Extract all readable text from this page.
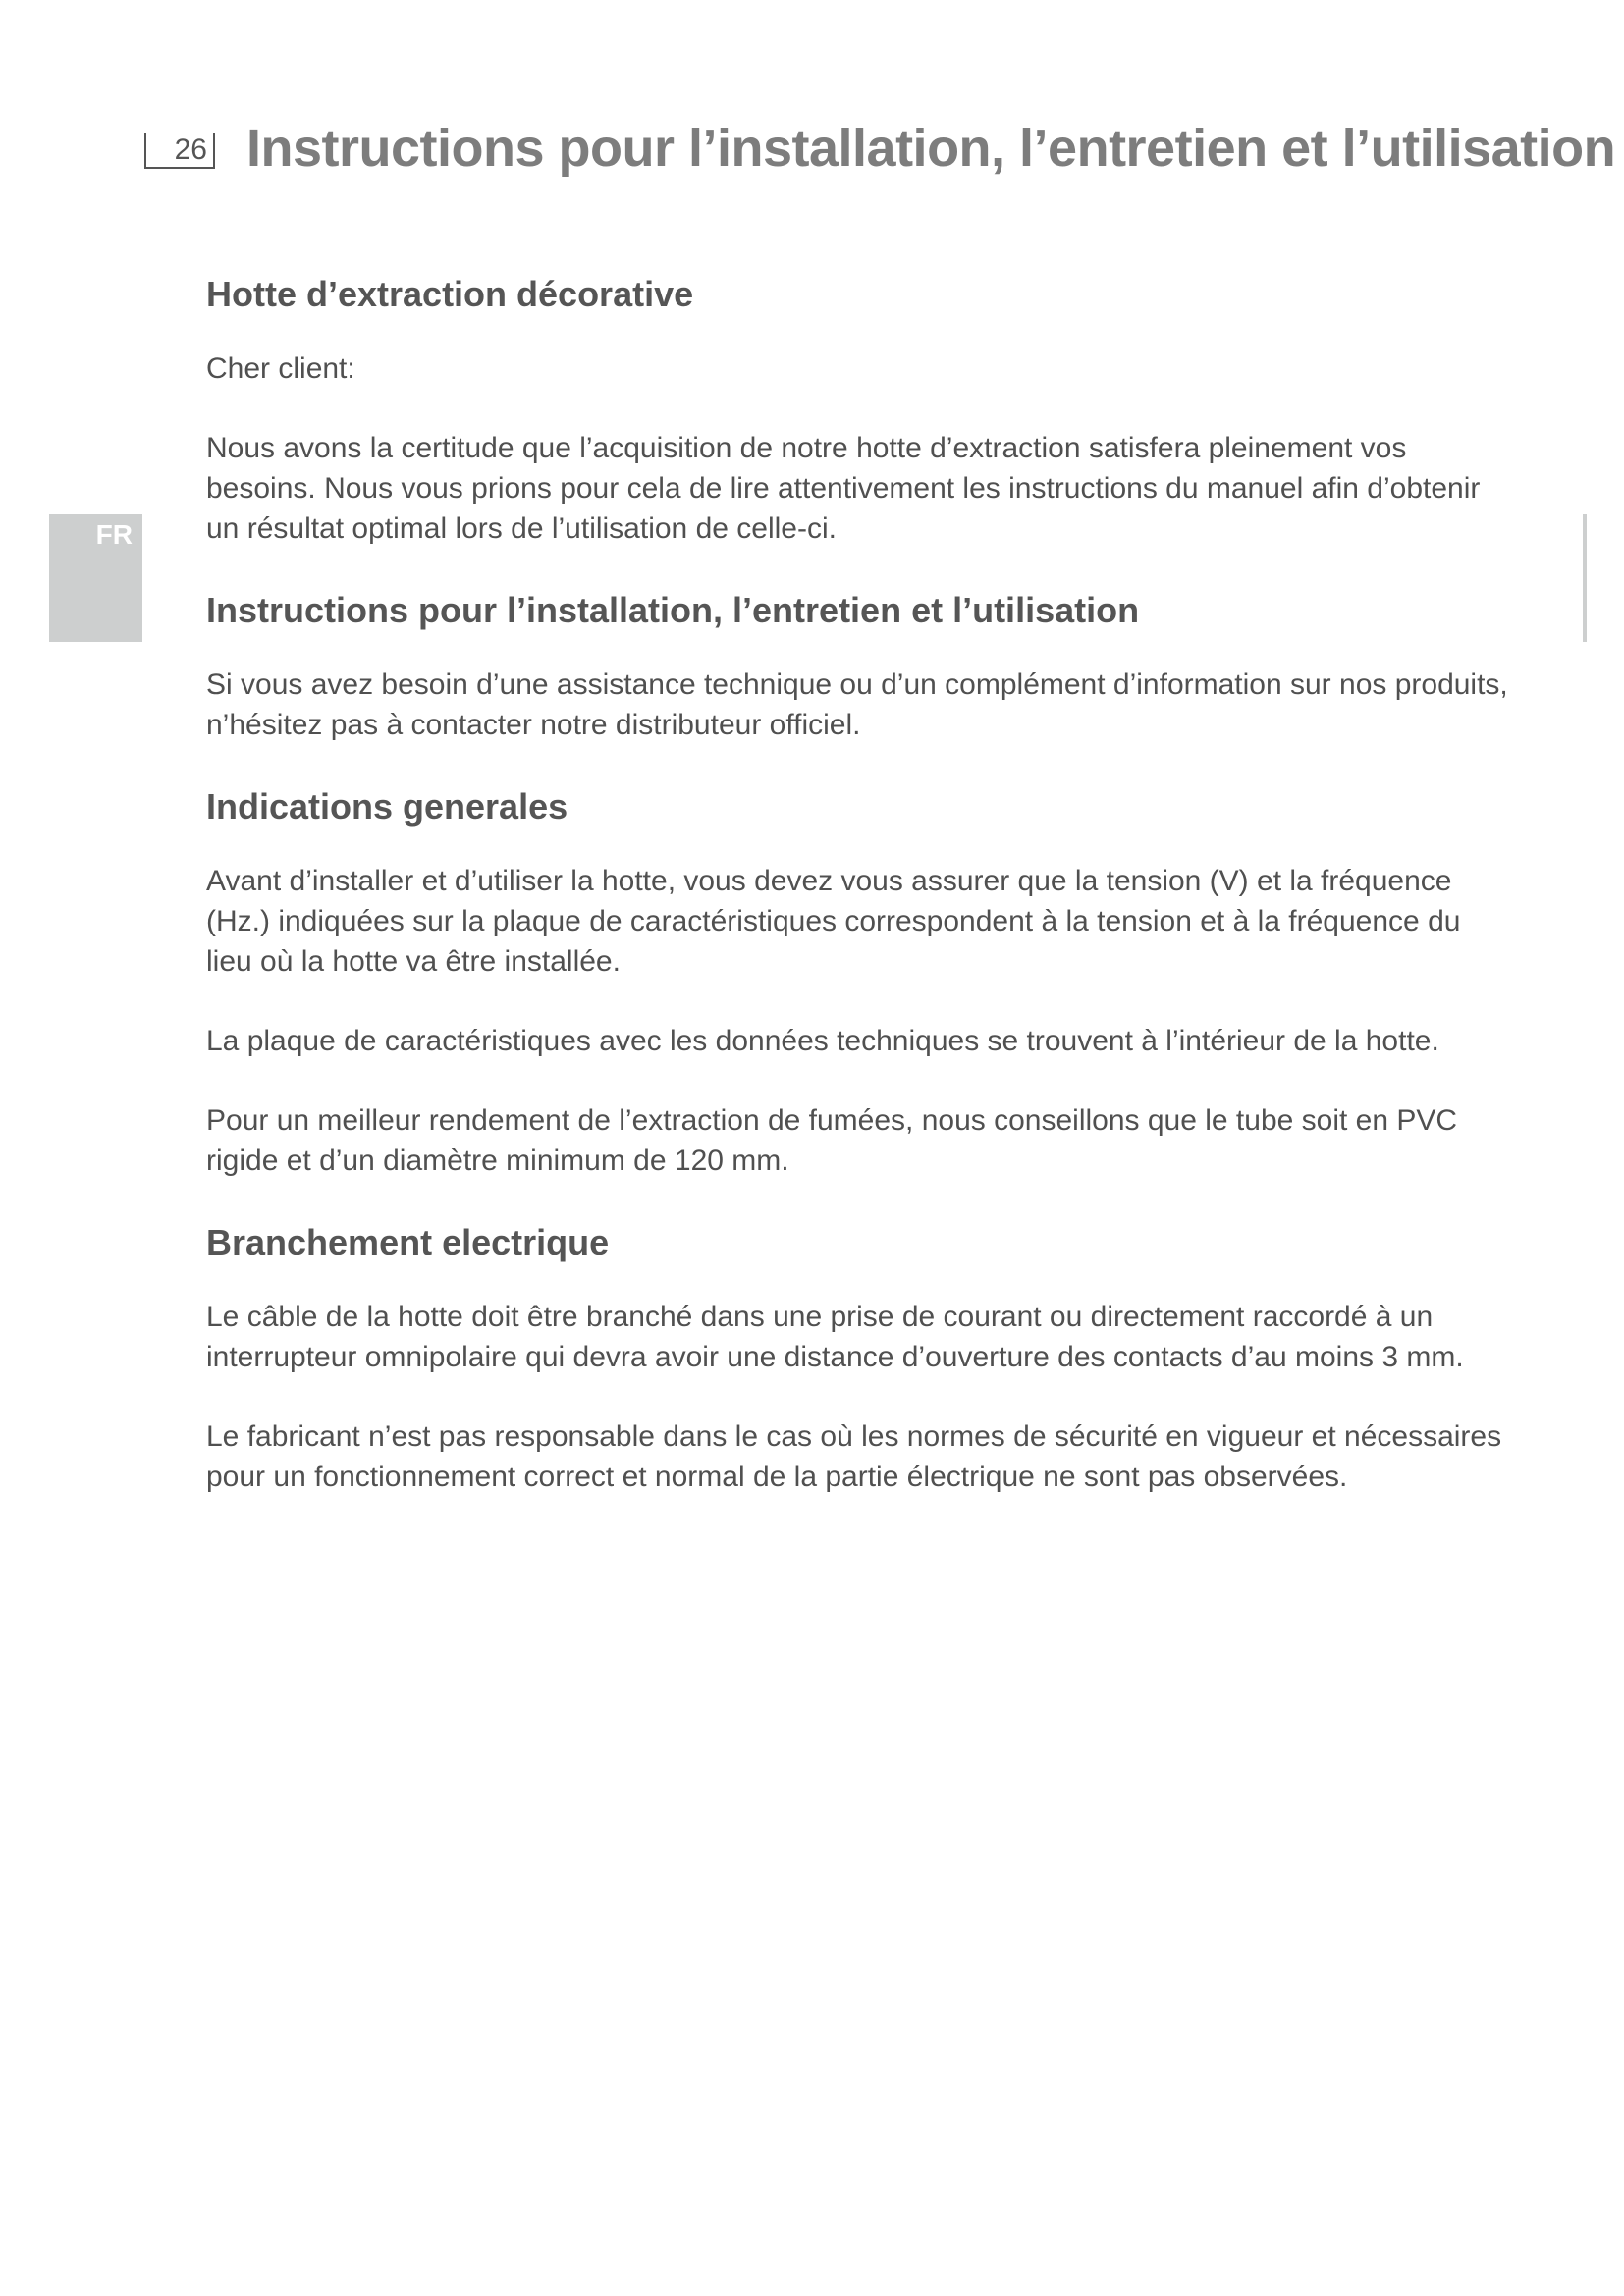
26 Instructions pour l’installation, l’entretien et l’utilisation
FR
Hotte d’extraction décorative

Cher client:

Nous avons la certitude que l’acquisition de notre hotte d’extraction satisfera pleinement vos besoins. Nous vous prions pour cela de lire attentivement les instructions du manuel afin d’obtenir un résultat optimal lors de l’utilisation de celle-ci.

Instructions pour l’installation, l’entretien et l’utilisation

Si vous avez besoin d’une assistance technique ou d’un complément d’information sur nos produits, n’hésitez pas à contacter notre distributeur officiel.

Indications generales

Avant d’installer et d’utiliser la hotte, vous devez vous assurer que la tension (V) et la fréquence (Hz.) indiquées sur la plaque de caractéristiques correspondent à la tension et à la fréquence du lieu où la hotte va être installée.

La plaque de caractéristiques avec les données techniques se trouvent à l’intérieur de la hotte.

Pour un meilleur rendement de l’extraction de fumées, nous conseillons que le tube soit en PVC rigide et d’un diamètre minimum de 120 mm.

Branchement electrique

Le câble de la hotte doit être branché dans une prise de courant ou directement raccordé à un interrupteur omnipolaire qui devra avoir une distance d’ouverture des contacts d’au moins 3 mm.

Le fabricant n’est pas responsable dans le cas où les normes de sécurité en vigueur et nécessaires pour un fonctionnement correct et normal de la partie électrique ne sont pas observées.
